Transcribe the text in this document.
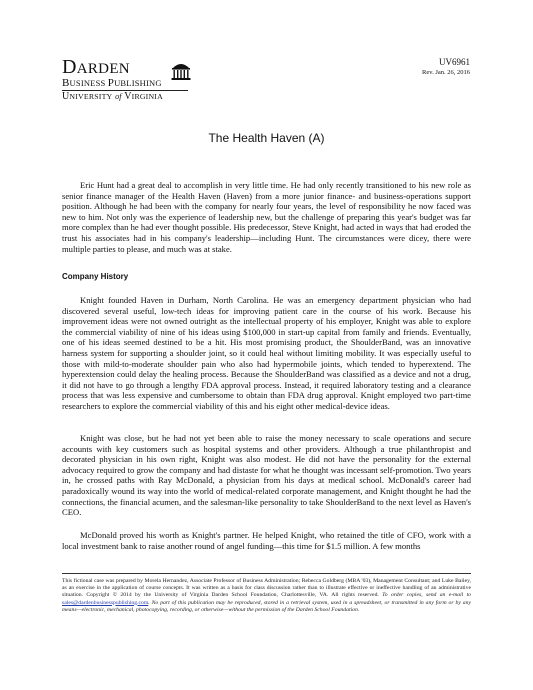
DARDEN
BUSINESS PUBLISHING
UNIVERSITY of VIRGINIA
UV6961
Rev. Jan. 26, 2016
The Health Haven (A)

Eric Hunt had a great deal to accomplish in very little time. He had only recently transitioned to his new role as senior finance manager of the Health Haven (Haven) from a more junior finance- and business-operations support position. Although he had been with the company for nearly four years, the level of responsibility he now faced was new to him. Not only was the experience of leadership new, but the challenge of preparing this year's budget was far more complex than he had ever thought possible. His predecessor, Steve Knight, had acted in ways that had eroded the trust his associates had in his company's leadership—including Hunt. The circumstances were dicey, there were multiple parties to please, and much was at stake.

Company History

Knight founded Haven in Durham, North Carolina. He was an emergency department physician who had discovered several useful, low-tech ideas for improving patient care in the course of his work. Because his improvement ideas were not owned outright as the intellectual property of his employer, Knight was able to explore the commercial viability of nine of his ideas using $100,000 in start-up capital from family and friends. Eventually, one of his ideas seemed destined to be a hit. His most promising product, the ShoulderBand, was an innovative harness system for supporting a shoulder joint, so it could heal without limiting mobility. It was especially useful to those with mild-to-moderate shoulder pain who also had hypermobile joints, which tended to hyperextend. The hyperextension could delay the healing process. Because the ShoulderBand was classified as a device and not a drug, it did not have to go through a lengthy FDA approval process. Instead, it required laboratory testing and a clearance process that was less expensive and cumbersome to obtain than FDA drug approval. Knight employed two part-time researchers to explore the commercial viability of this and his eight other medical-device ideas.

Knight was close, but he had not yet been able to raise the money necessary to scale operations and secure accounts with key customers such as hospital systems and other providers. Although a true philanthropist and decorated physician in his own right, Knight was also modest. He did not have the personality for the external advocacy required to grow the company and had distaste for what he thought was incessant self-promotion. Two years in, he crossed paths with Ray McDonald, a physician from his days at medical school. McDonald's career had paradoxically wound its way into the world of medical-related corporate management, and Knight thought he had the connections, the financial acumen, and the salesman-like personality to take ShoulderBand to the next level as Haven's CEO.

McDonald proved his worth as Knight's partner. He helped Knight, who retained the title of CFO, work with a local investment bank to raise another round of angel funding—this time for $1.5 million. A few months

This fictional case was prepared by Morela Hernandez, Associate Professor of Business Administration; Rebecca Goldberg (MBA '03), Management Consultant; and Luke Bailey, as an exercise in the application of course concepts. It was written as a basis for class discussion rather than to illustrate effective or ineffective handling of an administrative situation. Copyright © 2014 by the University of Virginia Darden School Foundation, Charlottesville, VA. All rights reserved. To order copies, send an e-mail to sales@dardenbusinesspublishing.com. No part of this publication may be reproduced, stored in a retrieval system, used in a spreadsheet, or transmitted in any form or by any means—electronic, mechanical, photocopying, recording, or otherwise—without the permission of the Darden School Foundation.
